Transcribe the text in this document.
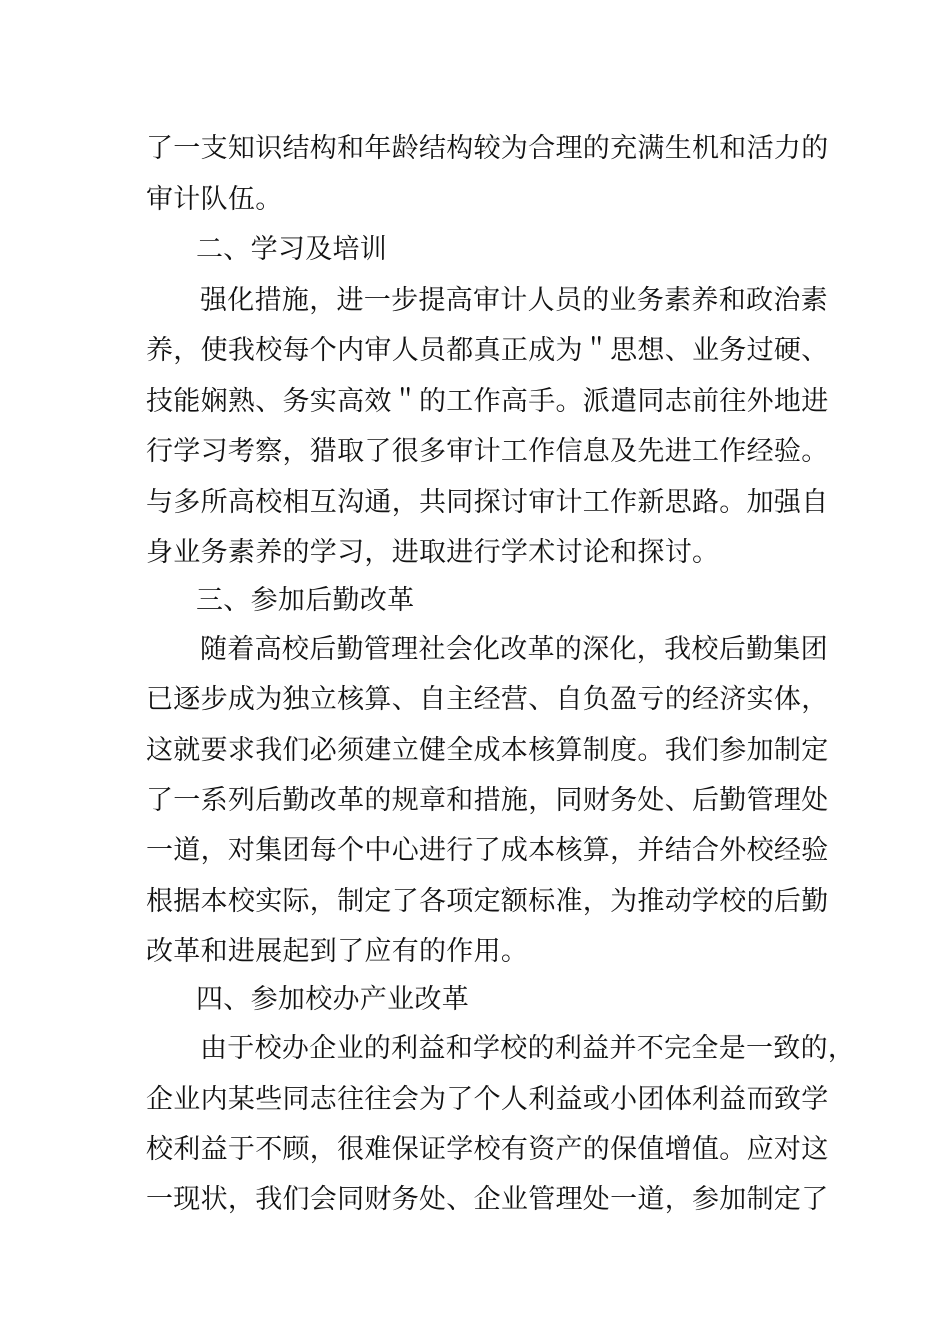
了一支知识结构和年龄结构较为合理的充满生机和活力的
审计队伍。
二、学习及培训
强化措施，进一步提高审计人员的业务素养和政治素
养，使我校每个内审人员都真正成为＂思想、业务过硬、
技能娴熟、务实高效＂的工作高手。派遣同志前往外地进
行学习考察，猎取了很多审计工作信息及先进工作经验。
与多所高校相互沟通，共同探讨审计工作新思路。加强自
身业务素养的学习，进取进行学术讨论和探讨。
三、参加后勤改革
随着高校后勤管理社会化改革的深化，我校后勤集团
已逐步成为独立核算、自主经营、自负盈亏的经济实体，
这就要求我们必须建立健全成本核算制度。我们参加制定
了一系列后勤改革的规章和措施，同财务处、后勤管理处
一道，对集团每个中心进行了成本核算，并结合外校经验
根据本校实际，制定了各项定额标准，为推动学校的后勤
改革和进展起到了应有的作用。
四、参加校办产业改革
由于校办企业的利益和学校的利益并不完全是一致的，
企业内某些同志往往会为了个人利益或小团体利益而致学
校利益于不顾，很难保证学校有资产的保值增值。应对这
一现状，我们会同财务处、企业管理处一道，参加制定了
